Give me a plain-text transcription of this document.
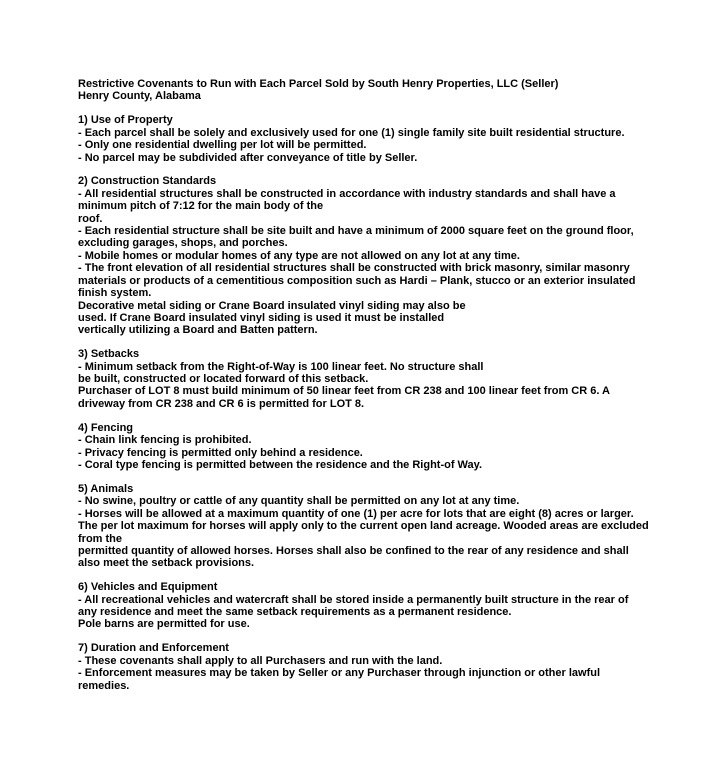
Restrictive Covenants to Run with Each Parcel Sold by South Henry Properties, LLC (Seller)
Henry County, Alabama
1) Use of Property
- Each parcel shall be solely and exclusively used for one (1) single family site built residential structure.
- Only one residential dwelling per lot will be permitted.
- No parcel may be subdivided after conveyance of title by Seller.
2) Construction Standards
- All residential structures shall be constructed in accordance with industry standards and shall have a
minimum pitch of 7:12 for the main body of the
roof.
- Each residential structure shall be site built and have a minimum of 2000 square feet on the ground floor,
excluding garages, shops, and porches.
- Mobile homes or modular homes of any type are not allowed on any lot at any time.
- The front elevation of all residential structures shall be constructed with brick masonry, similar masonry
materials or products of a cementitious composition such as Hardi – Plank, stucco or an exterior insulated
finish system.
Decorative metal siding or Crane Board insulated vinyl siding may also be
used. If Crane Board insulated vinyl siding is used it must be installed
vertically utilizing a Board and Batten pattern.
3) Setbacks
- Minimum setback from the Right-of-Way is 100 linear feet. No structure shall
be built, constructed or located forward of this setback.
Purchaser of LOT 8 must build minimum of 50 linear feet from CR 238 and 100 linear feet from CR 6. A
driveway from CR 238 and CR 6 is permitted for LOT 8.
4) Fencing
- Chain link fencing is prohibited.
- Privacy fencing is permitted only behind a residence.
- Coral type fencing is permitted between the residence and the Right-of Way.
5) Animals
- No swine, poultry or cattle of any quantity shall be permitted on any lot at any time.
- Horses will be allowed at a maximum quantity of one (1) per acre for lots that are eight (8) acres or larger.
The per lot maximum for horses will apply only to the current open land acreage. Wooded areas are excluded
from the
permitted quantity of allowed horses. Horses shall also be confined to the rear of any residence and shall
also meet the setback provisions.
6) Vehicles and Equipment
- All recreational vehicles and watercraft shall be stored inside a permanently built structure in the rear of
any residence and meet the same setback requirements as a permanent residence.
Pole barns are permitted for use.
7) Duration and Enforcement
- These covenants shall apply to all Purchasers and run with the land.
- Enforcement measures may be taken by Seller or any Purchaser through injunction or other lawful
remedies.
